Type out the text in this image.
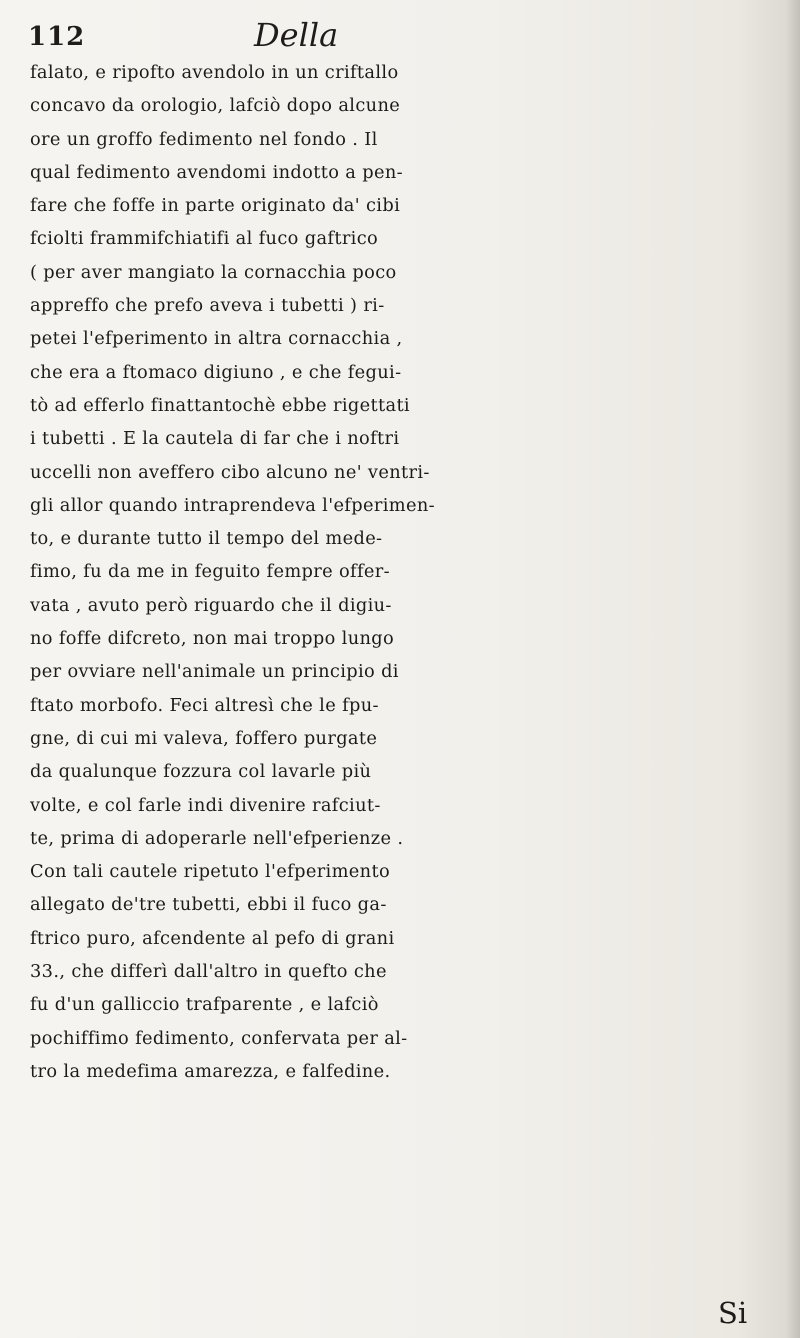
112	Della
falato, e ripofto avendolo in un criftallo
concavo da orologio, lafciò dopo alcune
ore un groffo fedimento nel fondo . Il
qual fedimento avendomi indotto a pen-
fare che foffe in parte originato da' cibi
fciolti frammifchiatifi al fuco gaftrico
( per aver mangiato la cornacchia poco
appreffo che prefo aveva i tubetti ) ri-
petei l'efperimento in altra cornacchia ,
che era a ftomaco digiuno , e che fegui-
tò ad efferlo finattantochè ebbe rigettati
i tubetti . E la cautela di far che i noftri
uccelli non aveffero cibo alcuno ne' ventri-
gli allor quando intraprendeva l'efperimen-
to, e durante tutto il tempo del mede-
fimo, fu da me in feguito fempre offer-
vata , avuto però riguardo che il digiu-
no foffe difcreto, non mai troppo lungo
per ovviare nell'animale un principio di
ftato morbofo. Feci altresì che le fpu-
gne, di cui mi valeva, foffero purgate
da qualunque fozzura col lavarle più
volte, e col farle indi divenire rafciut-
te, prima di adoperarle nell'efperienze .
Con tali cautele ripetuto l'efperimento
allegato de'tre tubetti, ebbi il fuco ga-
ftrico puro, afcendente al pefo di grani
33., che differì dall'altro in quefto che
fu d'un galliccio trafparente , e lafciò
pochiffimo fedimento, confervata per al-
tro la medefima amarezza, e falfedine.
Si
